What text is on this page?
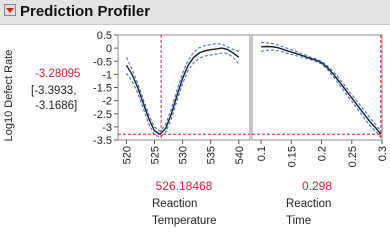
Prediction Profiler
Log10 Defect Rate -3.28095
[-3.3933,
-3.1686]
0.5
0
-0.5
-1
-1.5
-2
-2.5
-3
-3.5
520 525 530 535 540
526.18468
Reaction
Temperature
0.1 0.15 0.2 0.25 0.3
0.298
Reaction
Time
